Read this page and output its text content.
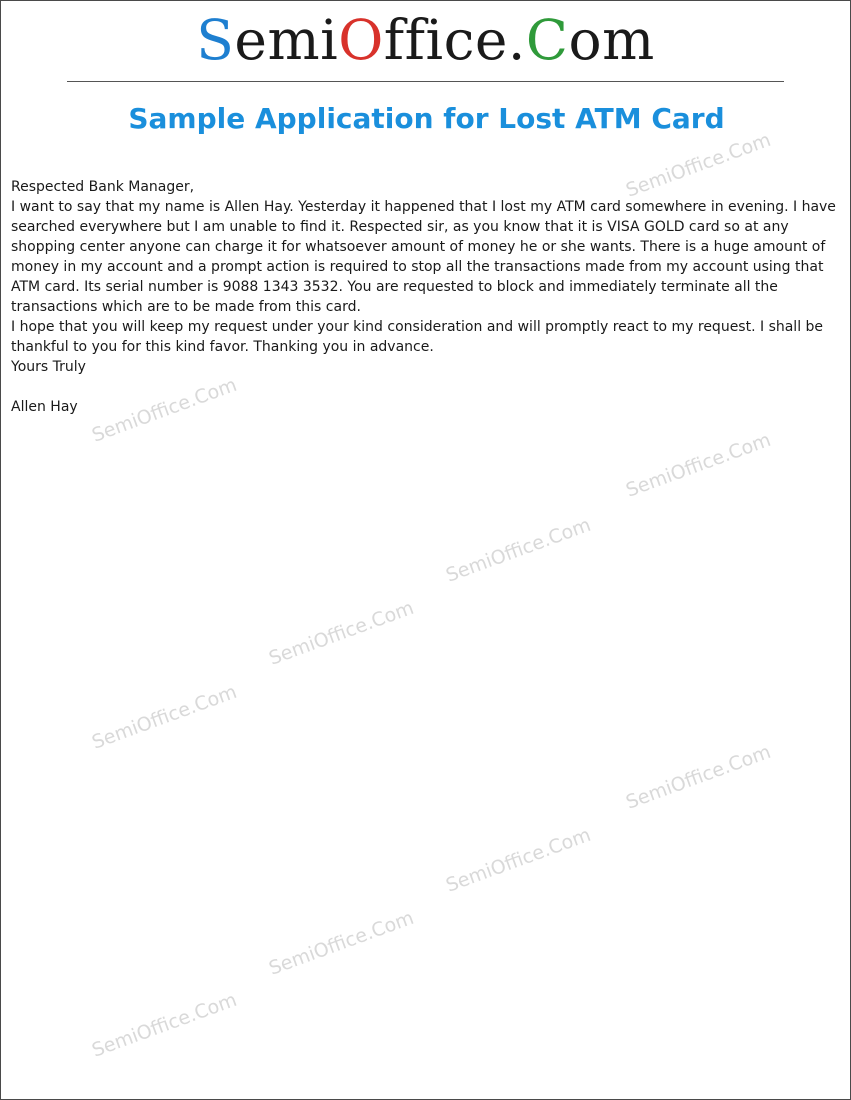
SemiOffice.Com
Sample Application for Lost ATM Card

Respected Bank Manager,

I want to say that my name is Allen Hay. Yesterday it happened that I lost my ATM card somewhere in evening. I have searched everywhere but I am unable to find it. Respected sir, as you know that it is VISA GOLD card so at any shopping center anyone can charge it for whatsoever amount of money he or she wants. There is a huge amount of money in my account and a prompt action is required to stop all the transactions made from my account using that ATM card. Its serial number is 9088 1343 3532. You are requested to block and immediately terminate all the transactions which are to be made from this card.

I hope that you will keep my request under your kind consideration and will promptly react to my request. I shall be thankful to you for this kind favor. Thanking you in advance.

Yours Truly

Allen Hay

SemiOffice.Com
SemiOffice.Com
SemiOffice.Com
SemiOffice.Com
SemiOffice.Com
SemiOffice.Com
SemiOffice.Com
SemiOffice.Com
SemiOffice.Com
SemiOffice.Com
